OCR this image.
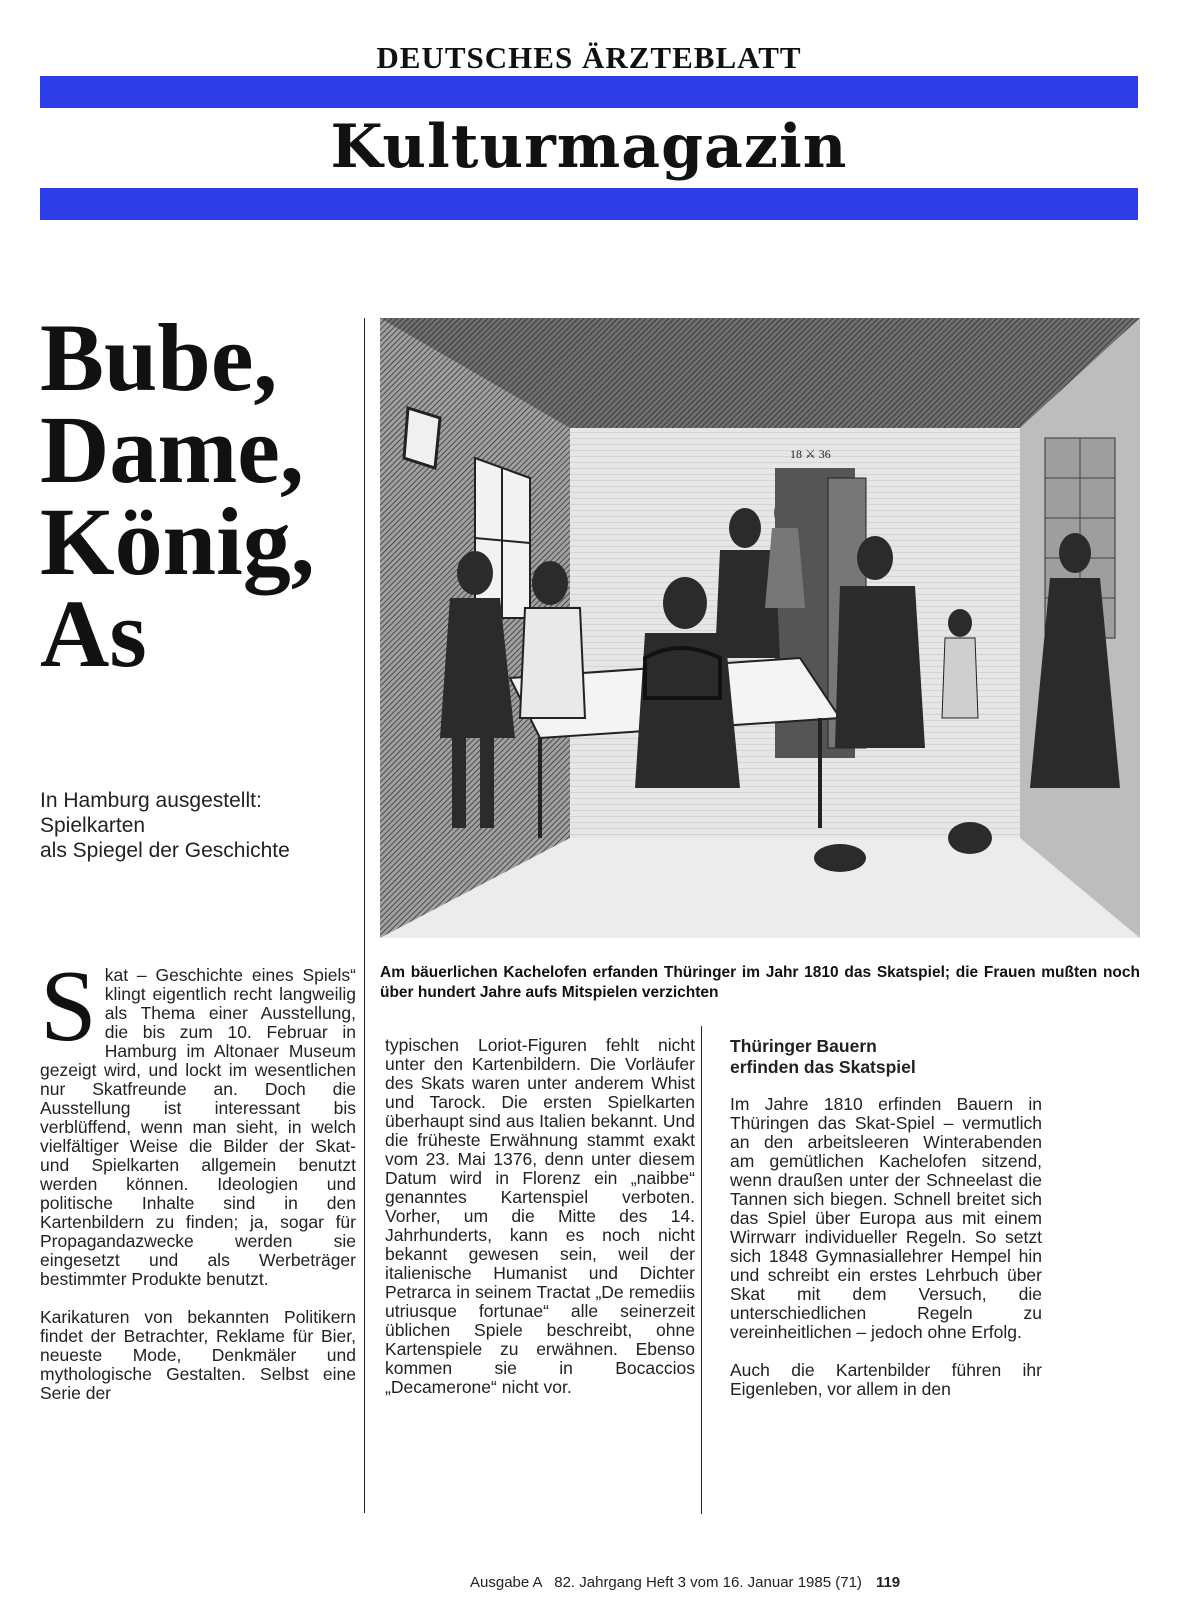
DEUTSCHES ÄRZTEBLATT
Kulturmagazin
Bube,
Dame,
König,
As
In Hamburg ausgestellt:
Spielkarten
als Spiegel der Geschichte
18 ⚔ 36
Am bäuerlichen Kachelofen erfanden Thüringer im Jahr 1810 das Skatspiel; die Frauen mußten noch über hundert Jahre aufs Mitspielen verzichten

Skat – Geschichte eines Spiels“ klingt eigentlich recht langweilig als Thema einer Ausstellung, die bis zum 10. Februar in Hamburg im Altonaer Museum gezeigt wird, und lockt im wesentlichen nur Skatfreunde an. Doch die Ausstellung ist interessant bis verblüffend, wenn man sieht, in welch vielfältiger Weise die Bilder der Skat- und Spielkarten allgemein benutzt werden können. Ideologien und politische Inhalte sind in den Kartenbildern zu finden; ja, sogar für Propagandazwecke werden sie eingesetzt und als Werbeträger bestimmter Produkte benutzt.

Karikaturen von bekannten Politikern findet der Betrachter, Reklame für Bier, neueste Mode, Denkmäler und mythologische Gestalten. Selbst eine Serie der

typischen Loriot-Figuren fehlt nicht unter den Kartenbildern. Die Vorläufer des Skats waren unter anderem Whist und Tarock. Die ersten Spielkarten überhaupt sind aus Italien bekannt. Und die früheste Erwähnung stammt exakt vom 23. Mai 1376, denn unter diesem Datum wird in Florenz ein „naibbe“ genanntes Kartenspiel verboten. Vorher, um die Mitte des 14. Jahrhunderts, kann es noch nicht bekannt gewesen sein, weil der italienische Humanist und Dichter Petrarca in seinem Tractat „De remediis utriusque fortunae“ alle seinerzeit üblichen Spiele beschreibt, ohne Kartenspiele zu erwähnen. Ebenso kommen sie in Bocaccios „Decamerone“ nicht vor.

Thüringer Bauern
erfinden das Skatspiel

Im Jahre 1810 erfinden Bauern in Thüringen das Skat-Spiel – vermutlich an den arbeitsleeren Winterabenden am gemütlichen Kachelofen sitzend, wenn draußen unter der Schneelast die Tannen sich biegen. Schnell breitet sich das Spiel über Europa aus mit einem Wirrwarr individueller Regeln. So setzt sich 1848 Gymnasiallehrer Hempel hin und schreibt ein erstes Lehrbuch über Skat mit dem Versuch, die unterschiedlichen Regeln zu vereinheitlichen – jedoch ohne Erfolg.

Auch die Kartenbilder führen ihr Eigenleben, vor allem in den

Ausgabe A   82. Jahrgang Heft 3 vom 16. Januar 1985 (71) 119
